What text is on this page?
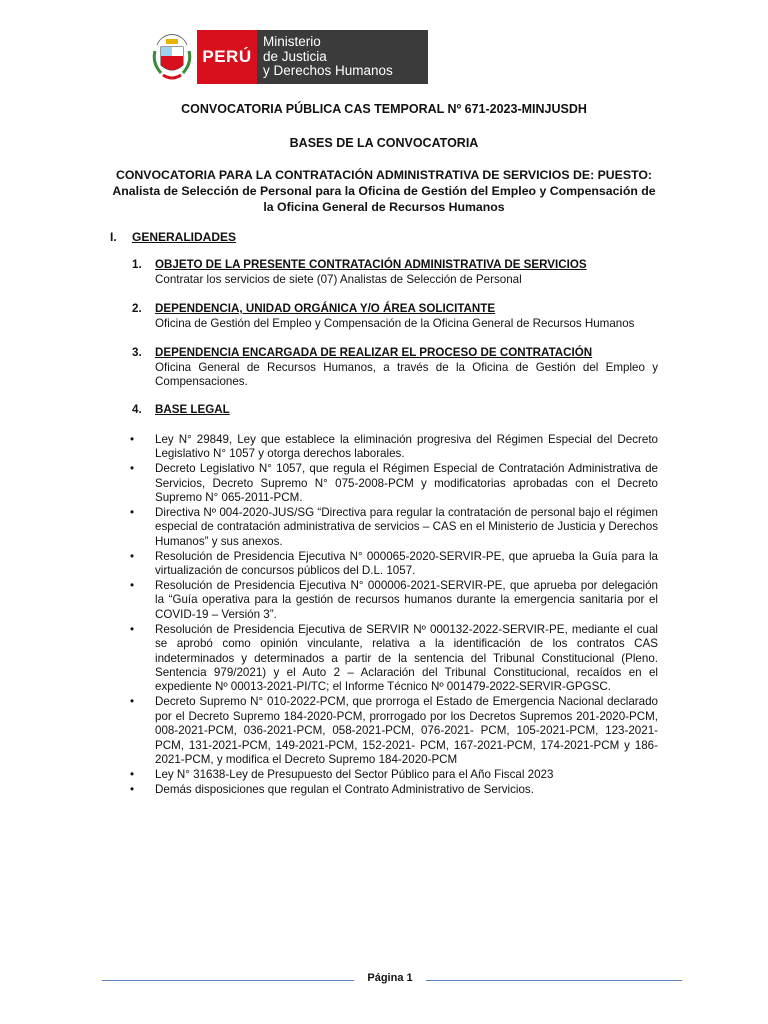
PERÚ
Ministerio
de Justicia
y Derechos Humanos
CONVOCATORIA PÚBLICA CAS TEMPORAL Nº 671-2023-MINJUSDH
BASES DE LA CONVOCATORIA
CONVOCATORIA PARA LA CONTRATACIÓN ADMINISTRATIVA DE SERVICIOS DE: PUESTO: Analista de Selección de Personal para la Oficina de Gestión del Empleo y Compensación de la Oficina General de Recursos Humanos
I. GENERALIDADES
1. OBJETO DE LA PRESENTE CONTRATACIÓN ADMINISTRATIVA DE SERVICIOS
Contratar los servicios de siete (07) Analistas de Selección de Personal
2. DEPENDENCIA, UNIDAD ORGÁNICA Y/O ÁREA SOLICITANTE
Oficina de Gestión del Empleo y Compensación de la Oficina General de Recursos Humanos
3. DEPENDENCIA ENCARGADA DE REALIZAR EL PROCESO DE CONTRATACIÓN
Oficina General de Recursos Humanos, a través de la Oficina de Gestión del Empleo y Compensaciones.
4. BASE LEGAL
• Ley N° 29849, Ley que establece la eliminación progresiva del Régimen Especial del Decreto Legislativo N° 1057 y otorga derechos laborales.
• Decreto Legislativo N° 1057, que regula el Régimen Especial de Contratación Administrativa de Servicios, Decreto Supremo N° 075-2008-PCM y modificatorias aprobadas con el Decreto Supremo N° 065-2011-PCM.
• Directiva Nº 004-2020-JUS/SG “Directiva para regular la contratación de personal bajo el régimen especial de contratación administrativa de servicios – CAS en el Ministerio de Justicia y Derechos Humanos” y sus anexos.
• Resolución de Presidencia Ejecutiva N° 000065-2020-SERVIR-PE, que aprueba la Guía para la virtualización de concursos públicos del D.L. 1057.
• Resolución de Presidencia Ejecutiva N° 000006-2021-SERVIR-PE, que aprueba por delegación la “Guía operativa para la gestión de recursos humanos durante la emergencia sanitaria por el COVID-19 – Versión 3”.
• Resolución de Presidencia Ejecutiva de SERVIR Nº 000132-2022-SERVIR-PE, mediante el cual se aprobó como opinión vinculante, relativa a la identificación de los contratos CAS indeterminados y determinados a partir de la sentencia del Tribunal Constitucional (Pleno. Sentencia 979/2021) y el Auto 2 – Aclaración del Tribunal Constitucional, recaídos en el expediente Nº 00013-2021-PI/TC; el Informe Técnico Nº 001479-2022-SERVIR-GPGSC.
• Decreto Supremo N° 010-2022-PCM, que prorroga el Estado de Emergencia Nacional declarado por el Decreto Supremo 184-2020-PCM, prorrogado por los Decretos Supremos 201-2020-PCM, 008-2021-PCM, 036-2021-PCM, 058-2021-PCM, 076-2021- PCM, 105-2021-PCM, 123-2021-PCM, 131-2021-PCM, 149-2021-PCM, 152-2021- PCM, 167-2021-PCM, 174-2021-PCM y 186-2021-PCM, y modifica el Decreto Supremo 184-2020-PCM
• Ley N° 31638-Ley de Presupuesto del Sector Público para el Año Fiscal 2023
• Demás disposiciones que regulan el Contrato Administrativo de Servicios.
Página 1
